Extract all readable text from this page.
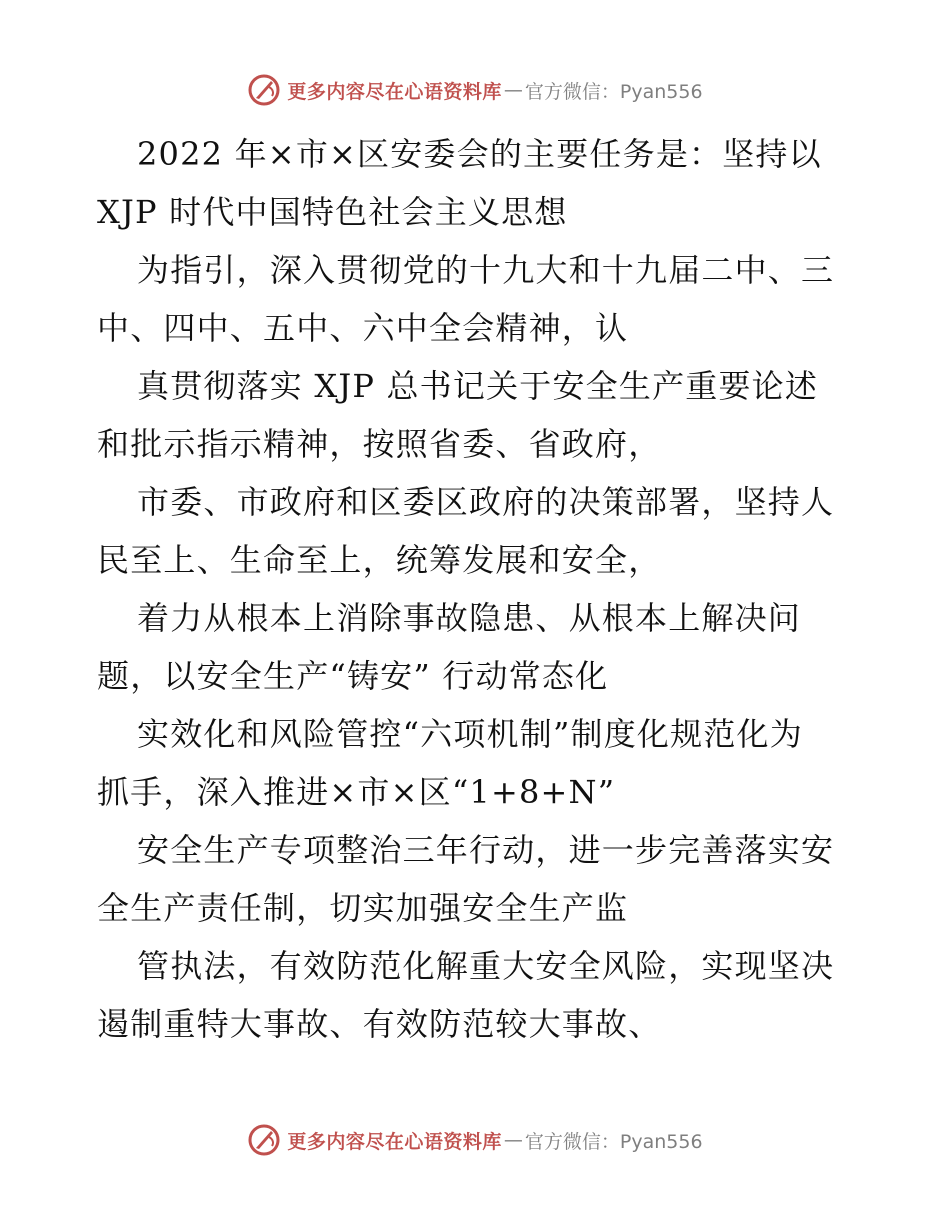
更多内容尽在心语资料库 — 官方微信：Pyan556

2022 年×市×区安委会的主要任务是：坚持以

XJP 时代中国特色社会主义思想

为指引，深入贯彻党的十九大和十九届二中、三

中、四中、五中、六中全会精神，认

真贯彻落实 XJP 总书记关于安全生产重要论述

和批示指示精神，按照省委、省政府，

市委、市政府和区委区政府的决策部署，坚持人

民至上、生命至上，统筹发展和安全，

着力从根本上消除事故隐患、从根本上解决问

题，以安全生产“铸安” 行动常态化

实效化和风险管控“六项机制”制度化规范化为

抓手，深入推进×市×区“1+8+N”

安全生产专项整治三年行动，进一步完善落实安

全生产责任制，切实加强安全生产监

管执法，有效防范化解重大安全风险，实现坚决

遏制重特大事故、有效防范较大事故、

更多内容尽在心语资料库 — 官方微信：Pyan556
